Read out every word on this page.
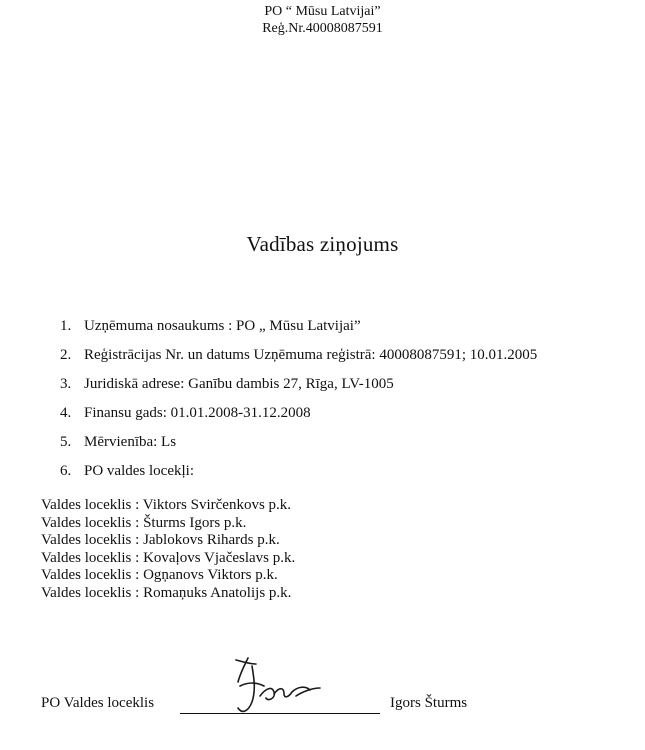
PO “ Mūsu Latvijai”
Reģ.Nr.40008087591
Vadības ziņojums
1. Uzņēmuma nosaukums : PO „ Mūsu Latvijai”
2. Reģistrācijas Nr. un datums Uzņēmuma reģistrā: 40008087591; 10.01.2005
3. Juridiskā adrese: Ganību dambis 27, Rīga, LV-1005
4. Finansu gads: 01.01.2008-31.12.2008
5. Mērvienība: Ls
6. PO valdes locekļi:
Valdes loceklis : Viktors Svirčenkovs p.k.
Valdes loceklis : Šturms Igors p.k.
Valdes loceklis : Jablokovs Rihards p.k.
Valdes loceklis : Kovaļovs Vjačeslavs p.k.
Valdes loceklis : Ogņanovs Viktors p.k.
Valdes loceklis : Romaņuks Anatolijs p.k.
PO Valdes loceklis	Igors Šturms
